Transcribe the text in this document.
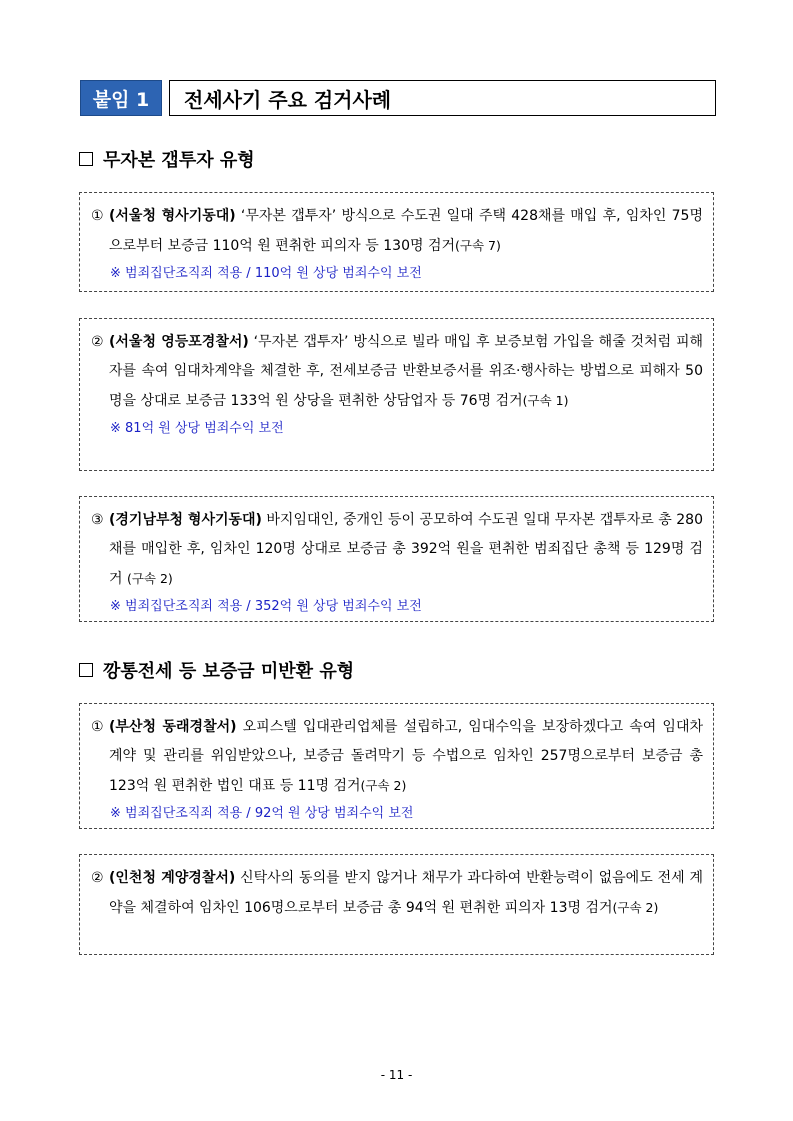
붙임 1	전세사기 주요 검거사례
무자본 갭투자 유형
① (서울청 형사기동대) ‘무자본 갭투자’ 방식으로 수도권 일대 주택 428채를 매입 후, 임차인 75명으로부터 보증금 110억 원 편취한 피의자 등 130명 검거(구속 7)
※ 범죄집단조직죄 적용 / 110억 원 상당 범죄수익 보전
② (서울청 영등포경찰서) ‘무자본 갭투자’ 방식으로 빌라 매입 후 보증보험 가입을 해줄 것처럼 피해자를 속여 임대차계약을 체결한 후, 전세보증금 반환보증서를 위조·행사하는 방법으로 피해자 50명을 상대로 보증금 133억 원 상당을 편취한 상담업자 등 76명 검거(구속 1)
※ 81억 원 상당 범죄수익 보전
③ (경기남부청 형사기동대) 바지임대인, 중개인 등이 공모하여 수도권 일대 무자본 갭투자로 총 280채를 매입한 후, 임차인 120명 상대로 보증금 총 392억 원을 편취한 범죄집단 총책 등 129명 검거 (구속 2)
※ 범죄집단조직죄 적용 / 352억 원 상당 범죄수익 보전
깡통전세 등 보증금 미반환 유형
① (부산청 동래경찰서) 오피스텔 입대관리업체를 설립하고, 임대수익을 보장하겠다고 속여 임대차계약 및 관리를 위임받았으나, 보증금 돌려막기 등 수법으로 임차인 257명으로부터 보증금 총 123억 원 편취한 법인 대표 등 11명 검거(구속 2)
※ 범죄집단조직죄 적용 / 92억 원 상당 범죄수익 보전
② (인천청 계양경찰서) 신탁사의 동의를 받지 않거나 채무가 과다하여 반환능력이 없음에도 전세 계약을 체결하여 임차인 106명으로부터 보증금 총 94억 원 편취한 피의자 13명 검거(구속 2)
- 11 -
